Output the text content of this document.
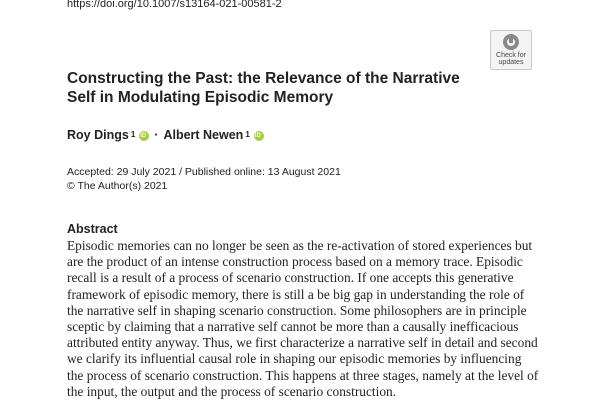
https://doi.org/10.1007/s13164-021-00581-2
Check for
updates
Constructing the Past: the Relevance of the Narrative
Self in Modulating Episodic Memory
Roy Dings $^1$
iD · Albert Newen $^1$
iD
Accepted: 29 July 2021 / Published online: 13 August 2021
© The Author(s) 2021
Abstract

Episodic memories can no longer be seen as the re-activation of stored experiences but
are the product of an intense construction process based on a memory trace. Episodic
recall is a result of a process of scenario construction. If one accepts this generative
framework of episodic memory, there is still a be big gap in understanding the role of
the narrative self in shaping scenario construction. Some philosophers are in principle
sceptic by claiming that a narrative self cannot be more than a causally inefficacious
attributed entity anyway. Thus, we first characterize a narrative self in detail and second
we clarify its influential causal role in shaping our episodic memories by influencing
the process of scenario construction. This happens at three stages, namely at the level of
the input, the output and the process of scenario construction.
